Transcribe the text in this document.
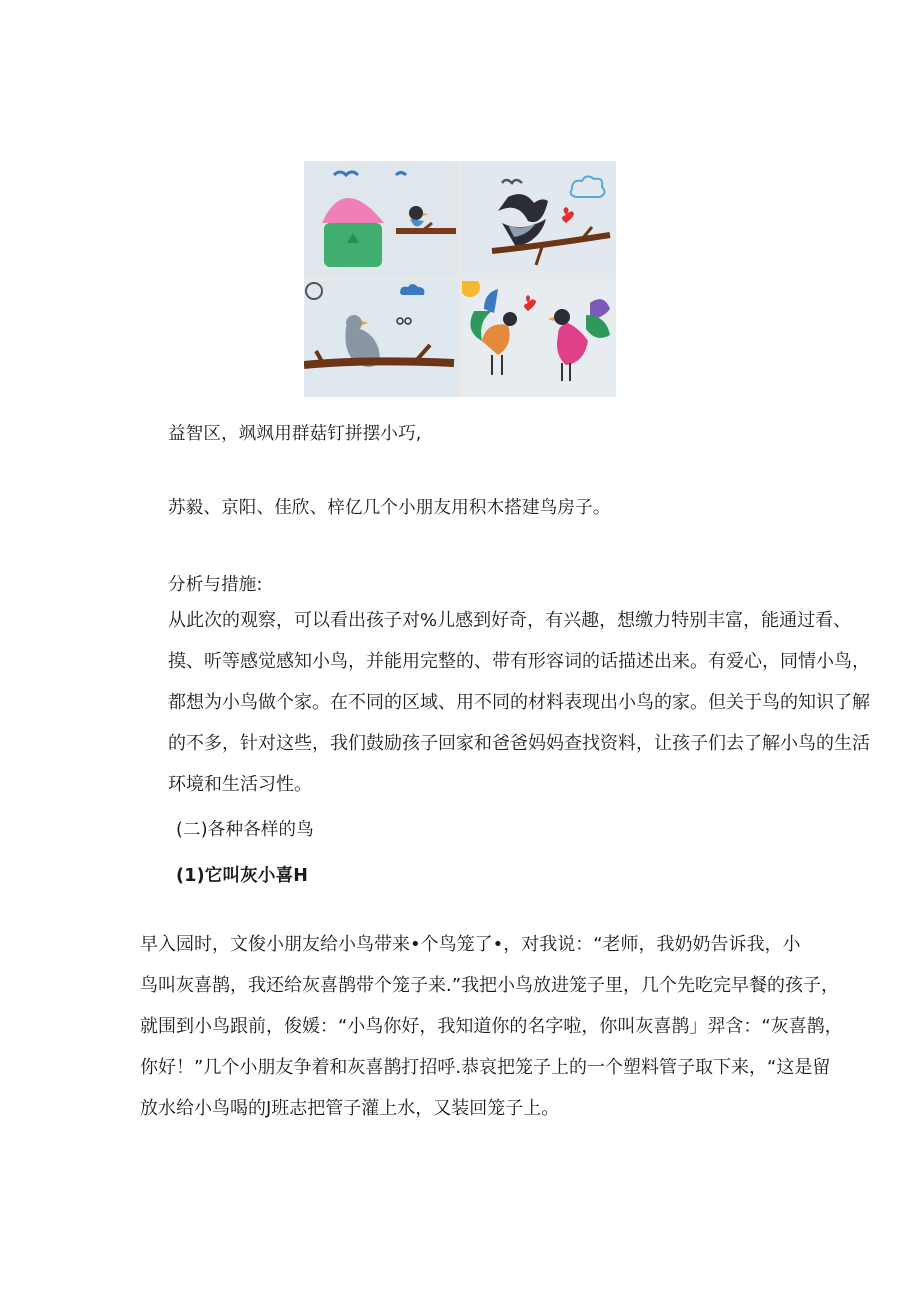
益智区，飒飒用群菇钉拼摆小巧,
苏毅、京阳、佳欣、梓亿几个小朋友用积木搭建鸟房子。
分析与措施:

从此次的观察，可以看出孩子对%儿感到好奇，有兴趣，想缴力特别丰富，能通过看、

摸、听等感觉感知小鸟，并能用完整的、带有形容词的话描述出来。有爱心，同情小鸟，

都想为小鸟做个家。在不同的区域、用不同的材料表现出小鸟的家。但关于鸟的知识了解

的不多，针对这些，我们鼓励孩子回家和爸爸妈妈查找资料，让孩子们去了解小鸟的生活

环境和生活习性。

(二)各种各样的鸟
(1)它叫灰小喜H

早入园时，文俊小朋友给小鸟带来•个鸟笼了•，对我说：“老师，我奶奶告诉我，小

鸟叫灰喜鹊，我还给灰喜鹊带个笼子来.”我把小鸟放进笼子里，几个先吃完早餐的孩子，

就围到小鸟跟前，俊媛：“小鸟你好，我知道你的名字啦，你叫灰喜鹊」羿含：“灰喜鹊，

你好！”几个小朋友争着和灰喜鹊打招呼.恭哀把笼子上的一个塑料管子取下来，“这是留

放水给小鸟喝的J班志把管子灌上水，又装回笼子上。
